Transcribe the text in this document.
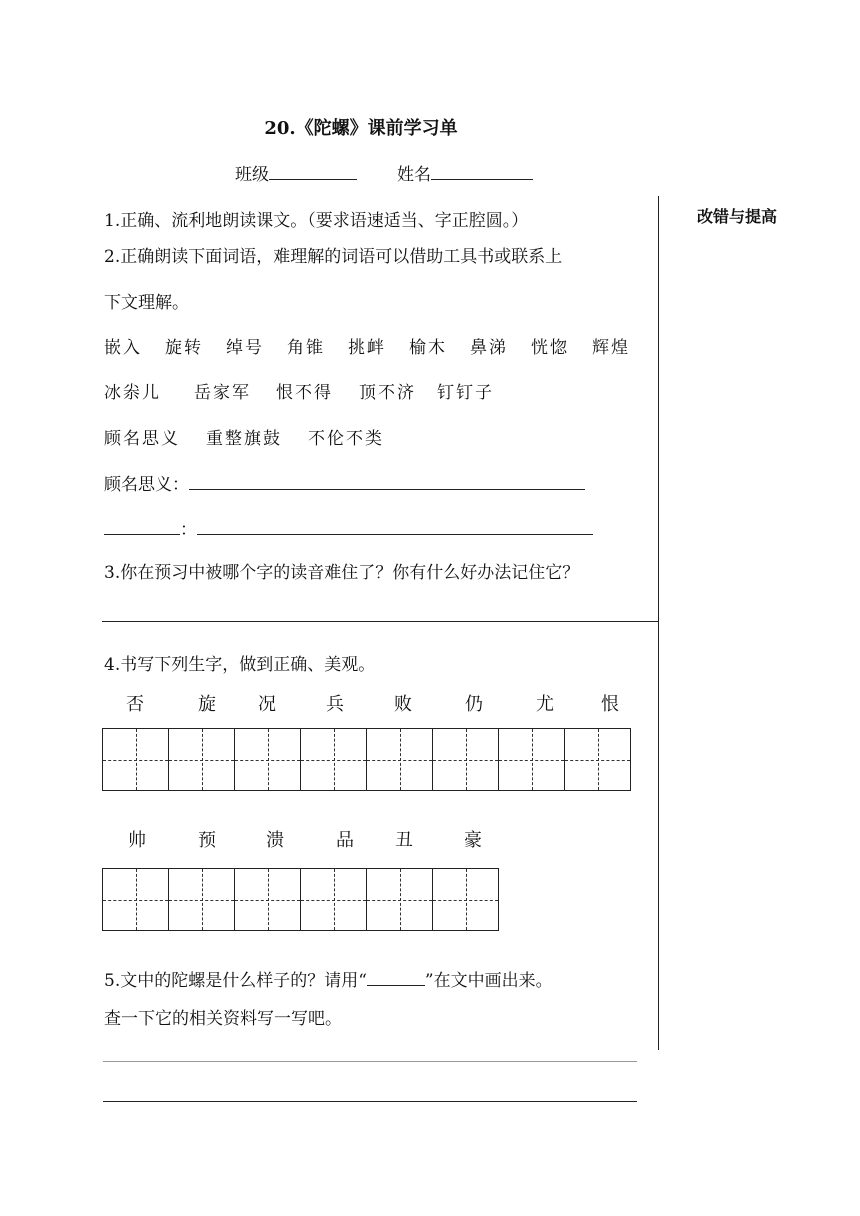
20.《陀螺》课前学习单
班级	姓名
改错与提高
1.正确、流利地朗读课文。（要求语速适当、字正腔圆。）
2.正确朗读下面词语，难理解的词语可以借助工具书或联系上
下文理解。
嵌入 旋转 绰号 角锥 挑衅 榆木 鼻涕 恍惚 辉煌
冰尜儿 岳家军 恨不得 顶不济 钉钉子
顾名思义 重整旗鼓 不伦不类
顾名思义：
：
3.你在预习中被哪个字的读音难住了？你有什么好办法记住它？
4.书写下列生字，做到正确、美观。
否	旋	况	兵	败	仍	尤	恨
帅	预	溃	品	丑	豪
5.文中的陀螺是什么样子的？请用“	”在文中画出来。
查一下它的相关资料写一写吧。
